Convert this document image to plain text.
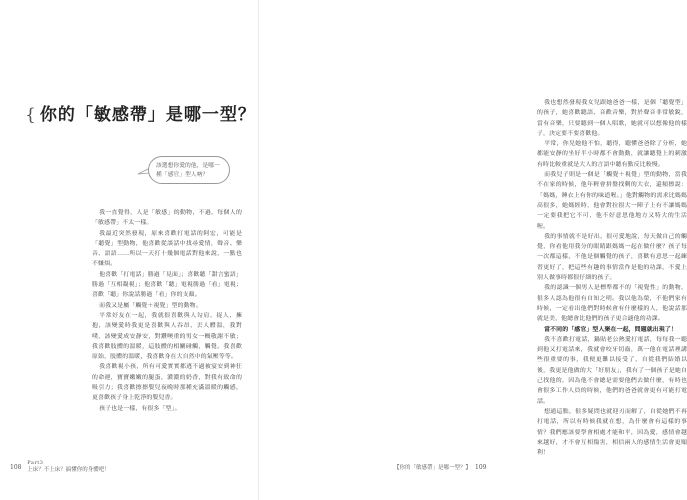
{ 你的「敏感帶」是哪一型？
該選想你愛的他，是哪一種「感官」型人吶？

我一直覺得，人是「敏感」的動物，不過，每個人的「敏感帶」不太一樣。

我最近突然發現，原來喜歡打電話的阿宏，可能是「聽覺」型動物，他喜歡從談話中找尋愛情，聲音、樂音、語語……所以一天打十幾個電話對他來說，一點也不嫌煩。

他喜歡「打電話」勝過「見面」；喜歡聽「甜言蜜語」勝過「互相凝視」；他喜歡「聽」電視勝過「看」電視；喜歡「聽」你說話勝過「看」你的支顏。

而我又是屬「觸覺＋視覺」型的動物。

平常好友在一起，我就很喜歡與人勾肩、捉人、擁抱，該變愛時我更是喜歡與人吞昂、丟人體溫，我對噗、該變愛成安靜安，對鑽噢重的男女一概敬謝不敏；我喜歡肢體的溫暖，這肢體的相關碰觸，觸覺。我喜歡原始，肢體的溫暖，我喜歡身在大自然中的氣壓等等。

我喜歡視小孩，所有可愛實實都逃不過被宴安到神狂的命運，寶寶嫩嫩的腿蛋，濃濃的奶香，對我有致命的吸引力；我喜歡擦擦嬰兒夜晚時那種充滿溫暖的觸感，更喜歡孩子身上乾淨的嬰兒香。

孩子也是一樣，有很多「型」。

108 Part3
上床？不上床？搞懂你的身體吧！

我也想然發現我女兒跟她爸爸一樣，是個「聽覺型」的孩子，她喜歡聽語、音歡音樂，對於聲音非常敏銳，當有音樂，只要聽到一個人唱歌，她就可以想像他的樣子，決定要不要喜歡他。

平常，你兒她他不怕，聽得，聽懂爸爸除了分析，她都能安靜的坐好半小時都不會動動，就讓聽覺上的刺激有時比較重就是大人的言語中聽有點反比較慢。

而我兒子則是一個是「觸覺＋視覺」型的動物，當我不在家的時候，他年輕會拼盤找剩的大衣，還頻擦說：「媽媽，睡衣上有你的味道喔。」他對觸物的需求比媽媽高很多，她媽經時，他會對拉很大一陣子上有不讓媽媽一定要我把它不可，他不好意思他地方又特大的生活喔。

我的事情就不是好出，很可愛地說，每天做自己的觸覺，你看他用我分的眼睛跟媽媽一起在做什麼？孩子每一次都這樣，不他是個觸覺的孩子，喜歡有意思一起練習更好了，把這些有趣的事情當作是他的功課，不愛上別人做事時都很仔細的孩子。

我的認識一個男人是標準都不的「視覺性」的動物，很多人認為他很有自知之明。我以他為榮，不他們家有時候，一定看出他們對時候會有什麼樣的人，他說話那就是美，他總會比他們的孩子更合適他的功課。

當不同的「感官」型人聚在一起，問題就出現了！

我不喜歡打電話，鍋貼老公熱愛打電話，每每我一聽到他又打電話來，我就會咬牙切齒，萬一他在電話裡講些很重要的事，我便更難以接受了，自從我們結婚以後，我更是他做的大「好朋友」，我有了一個孩子是她自己找他的，因為他不會總是需要他們去做什麼，有時也會很多工作人員的時候，他們的爸爸就會更有可能打電話。

想通這點，很多疑問也就迎刃而解了，自從她們不再打電話，所以有時候我就在想，為什麼會有這樣的事情？我們應該要學會相處才能和平，因為愛，感情會越來越好，才不會互相傷害，相信兩人的感情生活會更順利！

【你的「敏感帶」是哪一型？】 109
